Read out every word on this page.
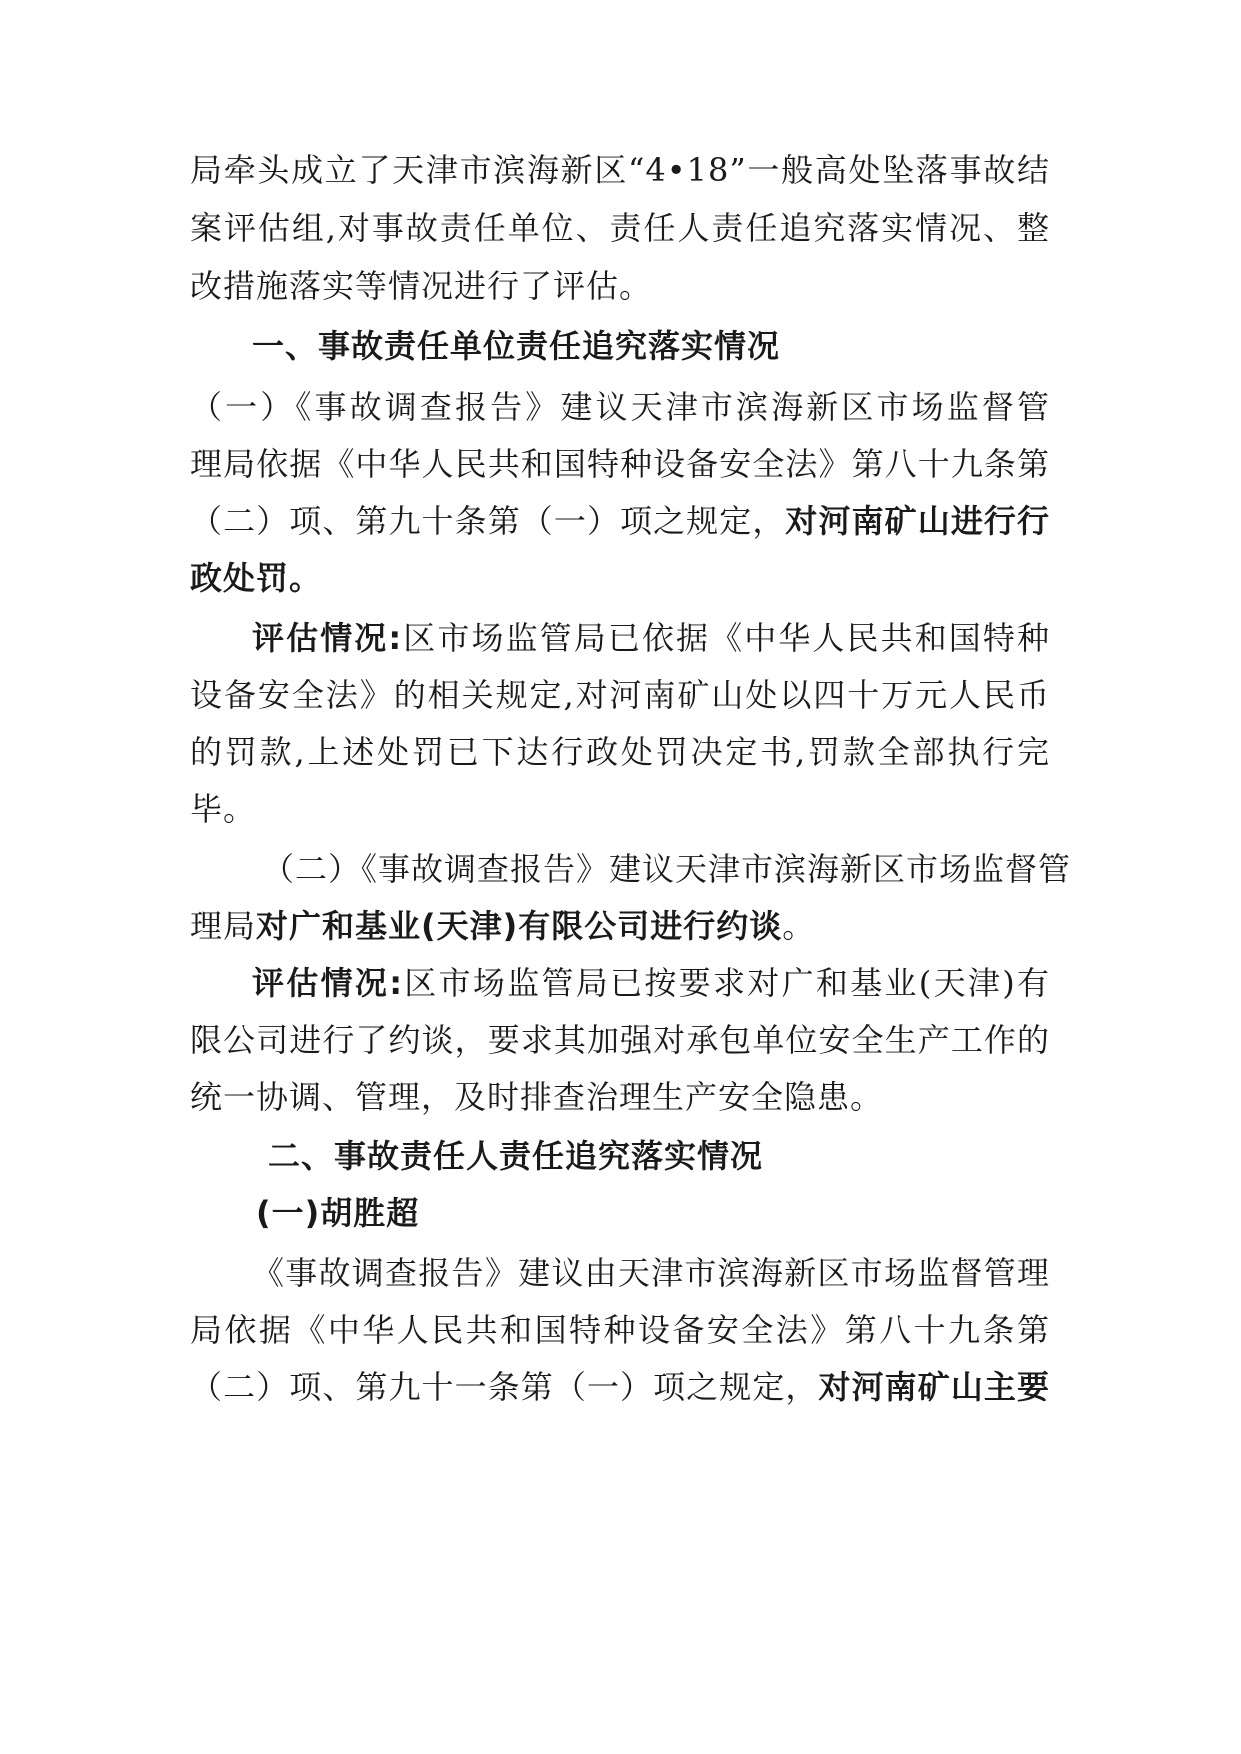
局牵头成立了天津市滨海新区“4•18”一般高处坠落事故结
案评估组,对事故责任单位、责任人责任追究落实情况、整
改措施落实等情况进行了评估。
一、事故责任单位责任追究落实情况
（一）《事故调查报告》建议天津市滨海新区市场监督管
理局依据《中华人民共和国特种设备安全法》第八十九条第
（二）项、第九十条第（一）项之规定，对河南矿山进行行
政处罚。
评估情况:区市场监管局已依据《中华人民共和国特种
设备安全法》的相关规定,对河南矿山处以四十万元人民币
的罚款,上述处罚已下达行政处罚决定书,罚款全部执行完
毕。
（二）《事故调查报告》建议天津市滨海新区市场监督管
理局对广和基业(天津)有限公司进行约谈。
评估情况:区市场监管局已按要求对广和基业(天津)有
限公司进行了约谈，要求其加强对承包单位安全生产工作的
统一协调、管理，及时排查治理生产安全隐患。
二、事故责任人责任追究落实情况
(一)胡胜超
《事故调查报告》建议由天津市滨海新区市场监督管理
局依据《中华人民共和国特种设备安全法》第八十九条第
（二）项、第九十一条第（一）项之规定，对河南矿山主要
